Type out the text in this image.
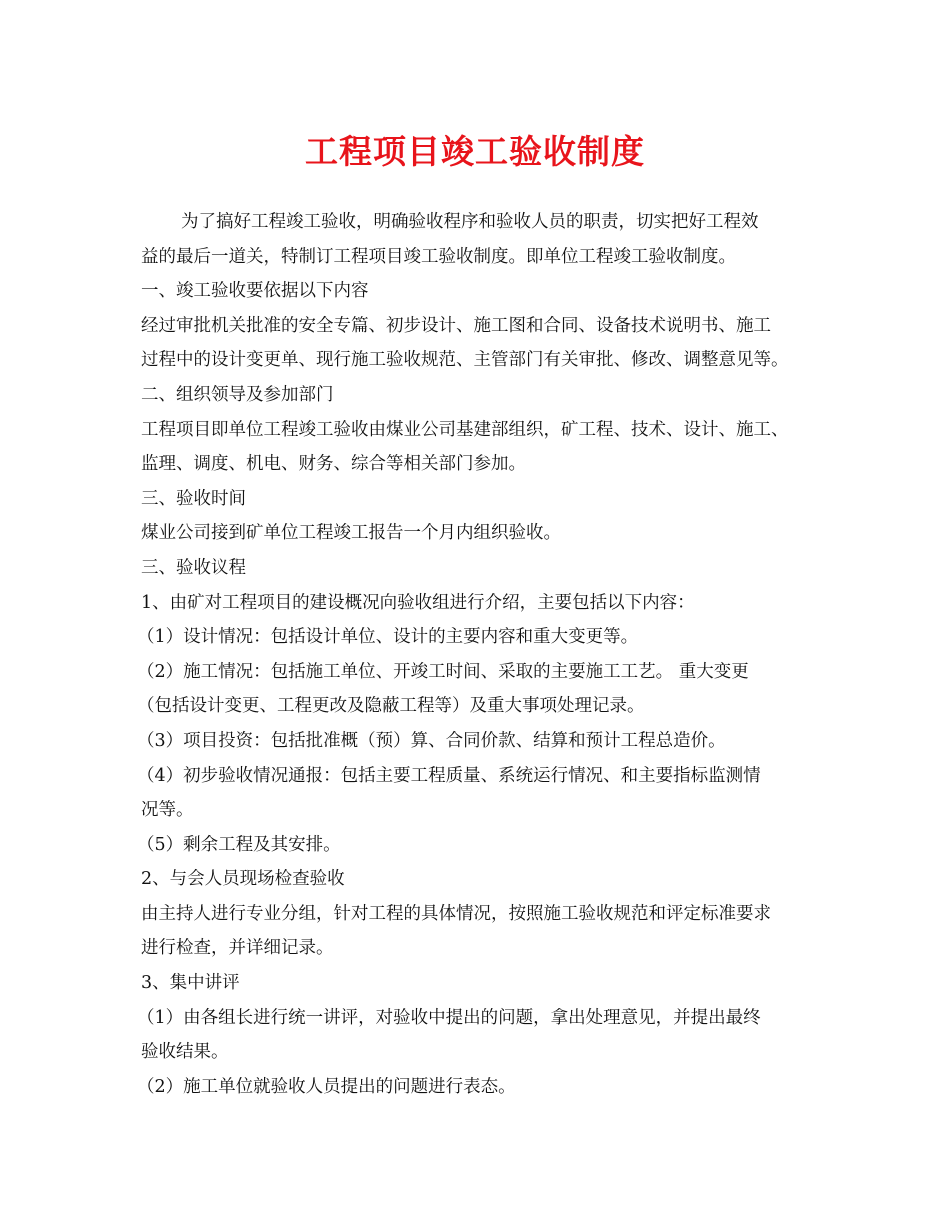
工程项目竣工验收制度

为了搞好工程竣工验收，明确验收程序和验收人员的职责，切实把好工程效

益的最后一道关，特制订工程项目竣工验收制度。即单位工程竣工验收制度。

一、竣工验收要依据以下内容

经过审批机关批准的安全专篇、初步设计、施工图和合同、设备技术说明书、施工

过程中的设计变更单、现行施工验收规范、主管部门有关审批、修改、调整意见等。

二、组织领导及参加部门

工程项目即单位工程竣工验收由煤业公司基建部组织，矿工程、技术、设计、施工、

监理、调度、机电、财务、综合等相关部门参加。

三、验收时间

煤业公司接到矿单位工程竣工报告一个月内组织验收。

三、验收议程

1、由矿对工程项目的建设概况向验收组进行介绍，主要包括以下内容：

（1）设计情况：包括设计单位、设计的主要内容和重大变更等。

（2）施工情况：包括施工单位、开竣工时间、采取的主要施工工艺。 重大变更

（包括设计变更、工程更改及隐蔽工程等）及重大事项处理记录。

（3）项目投资：包括批准概（预）算、合同价款、结算和预计工程总造价。

（4）初步验收情况通报：包括主要工程质量、系统运行情况、和主要指标监测情

况等。

（5）剩余工程及其安排。

2、与会人员现场检查验收

由主持人进行专业分组，针对工程的具体情况，按照施工验收规范和评定标准要求

进行检查，并详细记录。

3、集中讲评

（1）由各组长进行统一讲评，对验收中提出的问题，拿出处理意见，并提出最终

验收结果。

（2）施工单位就验收人员提出的问题进行表态。
